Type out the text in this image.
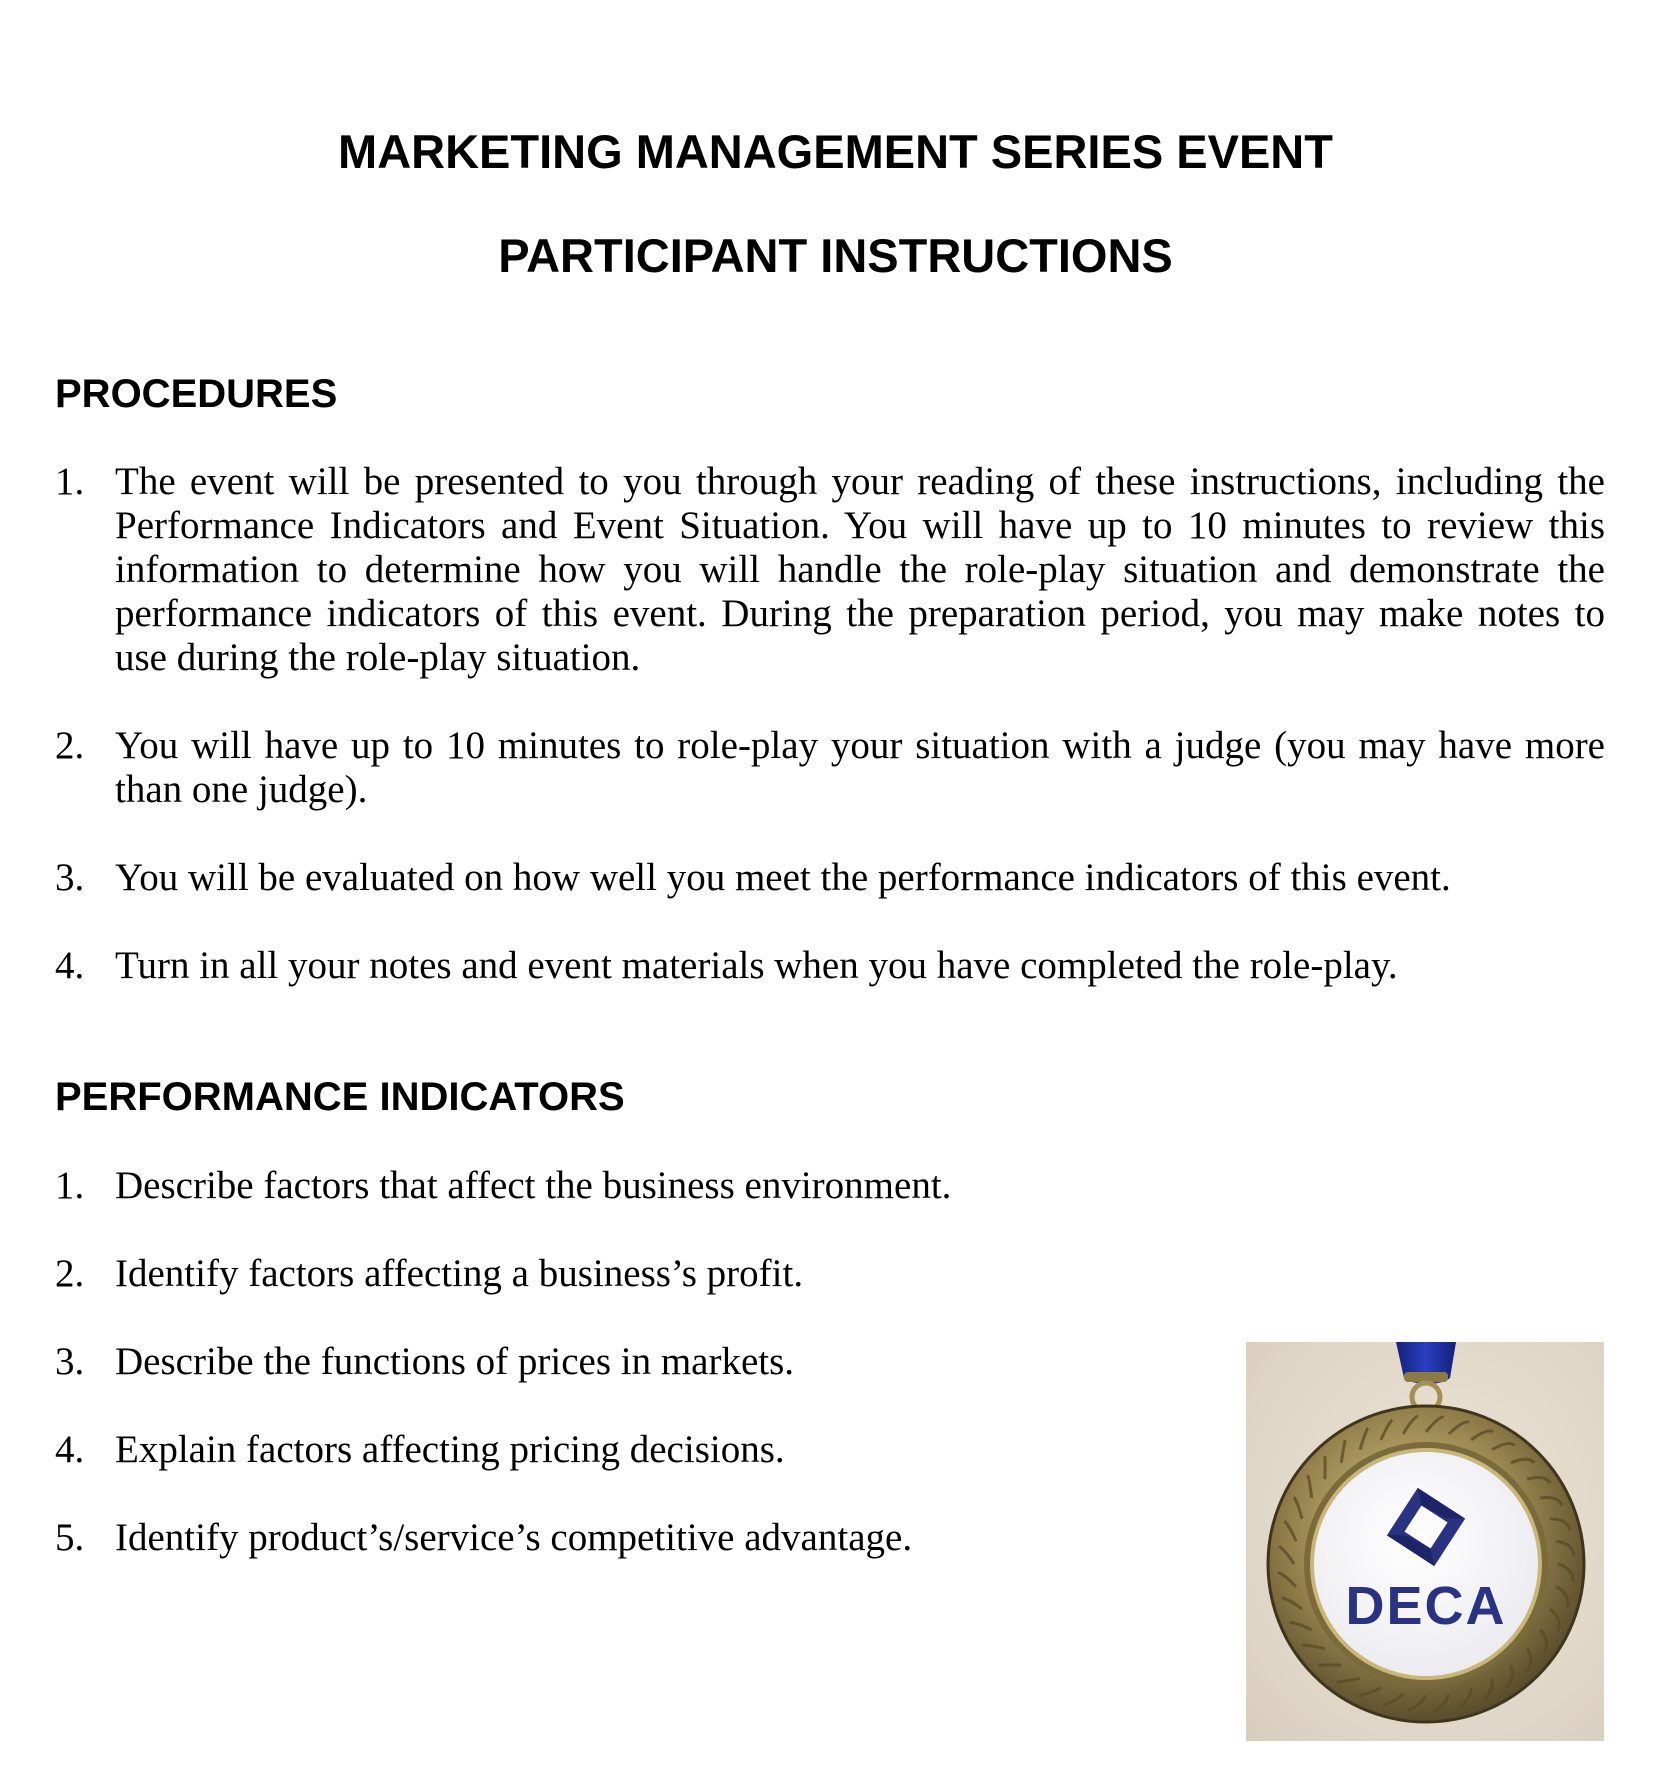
MARKETING MANAGEMENT SERIES EVENT
PARTICIPANT INSTRUCTIONS
PROCEDURES
1. The event will be presented to you through your reading of these instructions, including the Performance Indicators and Event Situation. You will have up to 10 minutes to review this information to determine how you will handle the role-play situation and demonstrate the performance indicators of this event. During the preparation period, you may make notes to use during the role-play situation.
2. You will have up to 10 minutes to role-play your situation with a judge (you may have more than one judge).
3. You will be evaluated on how well you meet the performance indicators of this event.
4. Turn in all your notes and event materials when you have completed the role-play.
PERFORMANCE INDICATORS
1. Describe factors that affect the business environment.
2. Identify factors affecting a business’s profit.
3. Describe the functions of prices in markets.
4. Explain factors affecting pricing decisions.
5. Identify product’s/service’s competitive advantage.
DECA
